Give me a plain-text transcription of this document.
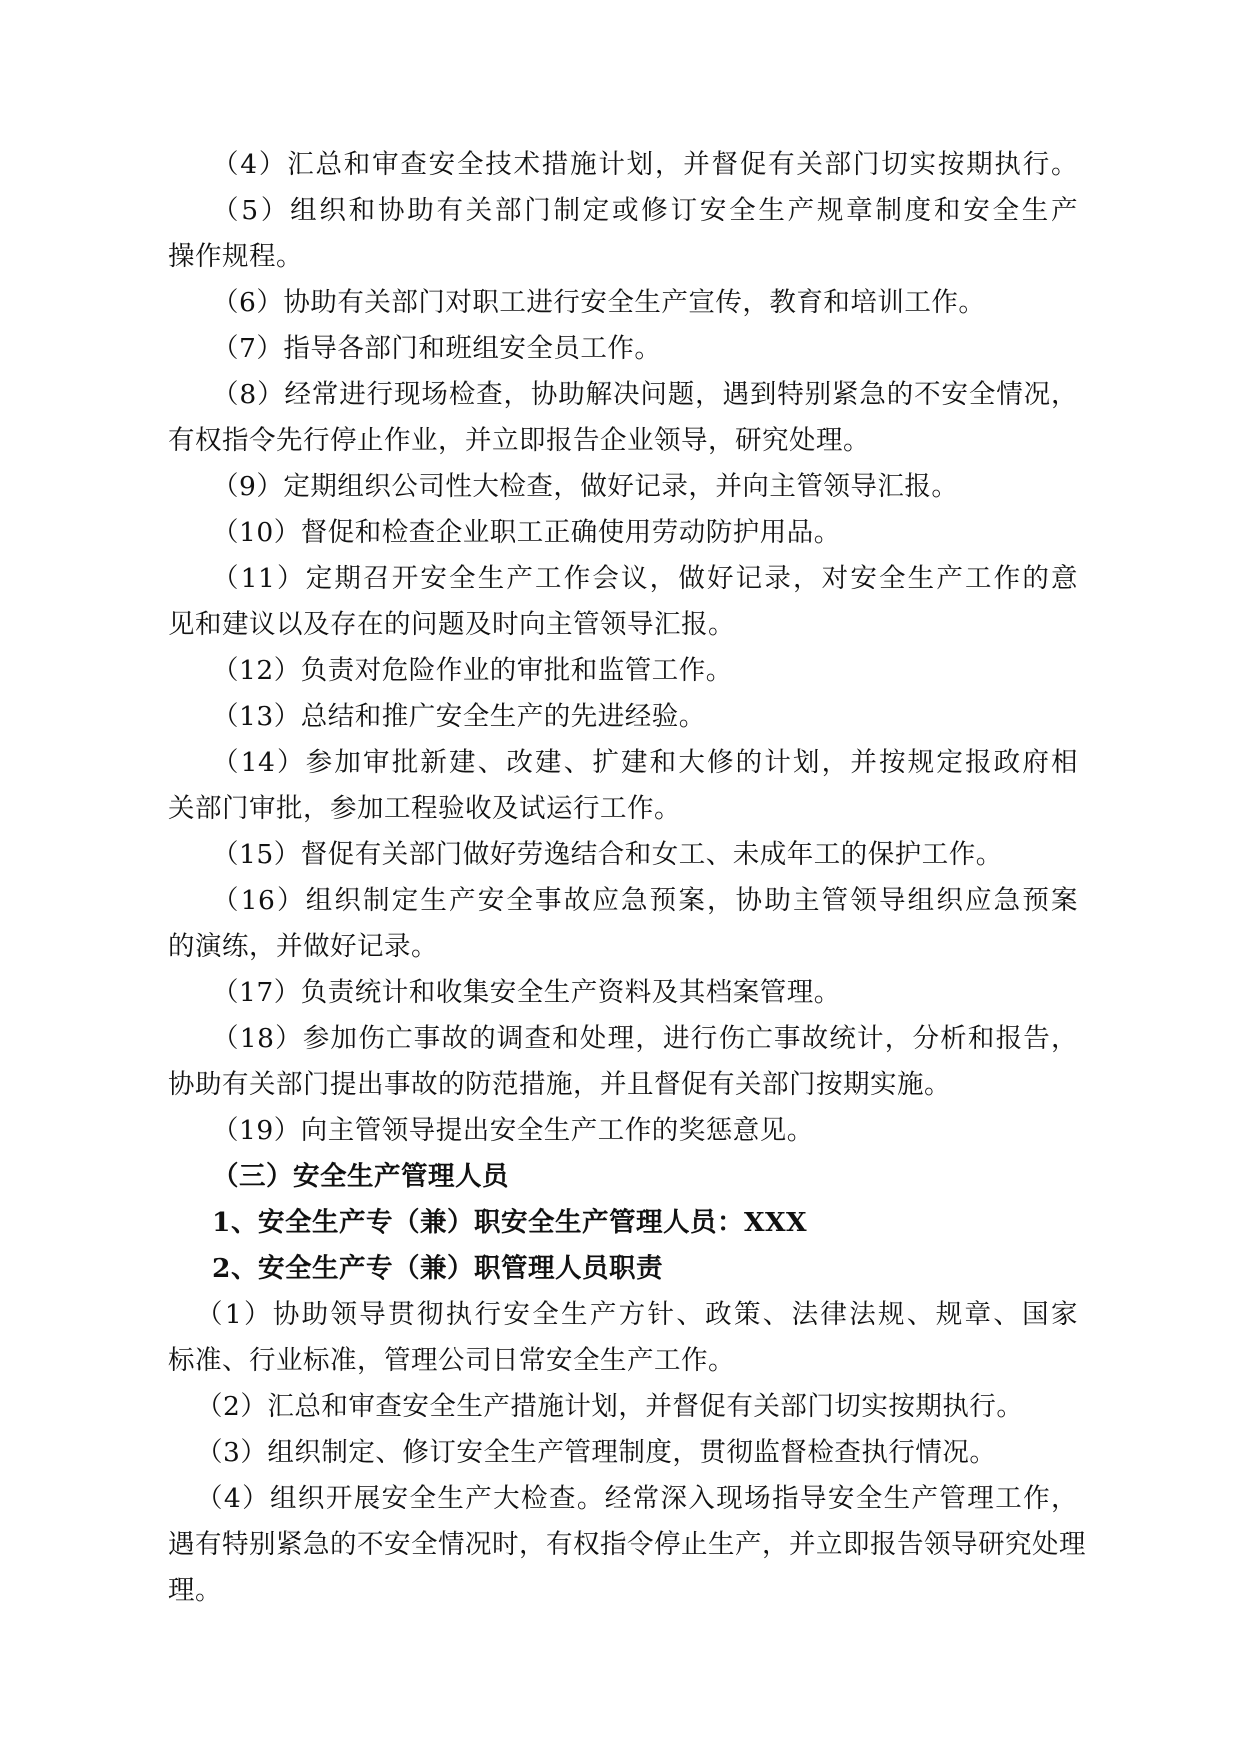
（4）汇总和审查安全技术措施计划，并督促有关部门切实按期执行。
（5）组织和协助有关部门制定或修订安全生产规章制度和安全生产
操作规程。
（6）协助有关部门对职工进行安全生产宣传，教育和培训工作。
（7）指导各部门和班组安全员工作。
（8）经常进行现场检查，协助解决问题，遇到特别紧急的不安全情况，
有权指令先行停止作业，并立即报告企业领导，研究处理。
（9）定期组织公司性大检查，做好记录，并向主管领导汇报。
（10）督促和检查企业职工正确使用劳动防护用品。
（11）定期召开安全生产工作会议，做好记录，对安全生产工作的意
见和建议以及存在的问题及时向主管领导汇报。
（12）负责对危险作业的审批和监管工作。
（13）总结和推广安全生产的先进经验。
（14）参加审批新建、改建、扩建和大修的计划，并按规定报政府相
关部门审批，参加工程验收及试运行工作。
（15）督促有关部门做好劳逸结合和女工、未成年工的保护工作。
（16）组织制定生产安全事故应急预案，协助主管领导组织应急预案
的演练，并做好记录。
（17）负责统计和收集安全生产资料及其档案管理。
（18）参加伤亡事故的调查和处理，进行伤亡事故统计，分析和报告，
协助有关部门提出事故的防范措施，并且督促有关部门按期实施。
（19）向主管领导提出安全生产工作的奖惩意见。
（三）安全生产管理人员
1、安全生产专（兼）职安全生产管理人员：XXX
2、安全生产专（兼）职管理人员职责
（1）协助领导贯彻执行安全生产方针、政策、法律法规、规章、国家
标准、行业标准，管理公司日常安全生产工作。
（2）汇总和审查安全生产措施计划，并督促有关部门切实按期执行。
（3）组织制定、修订安全生产管理制度，贯彻监督检查执行情况。
（4）组织开展安全生产大检查。经常深入现场指导安全生产管理工作，
遇有特别紧急的不安全情况时，有权指令停止生产，并立即报告领导研究处理
理。
